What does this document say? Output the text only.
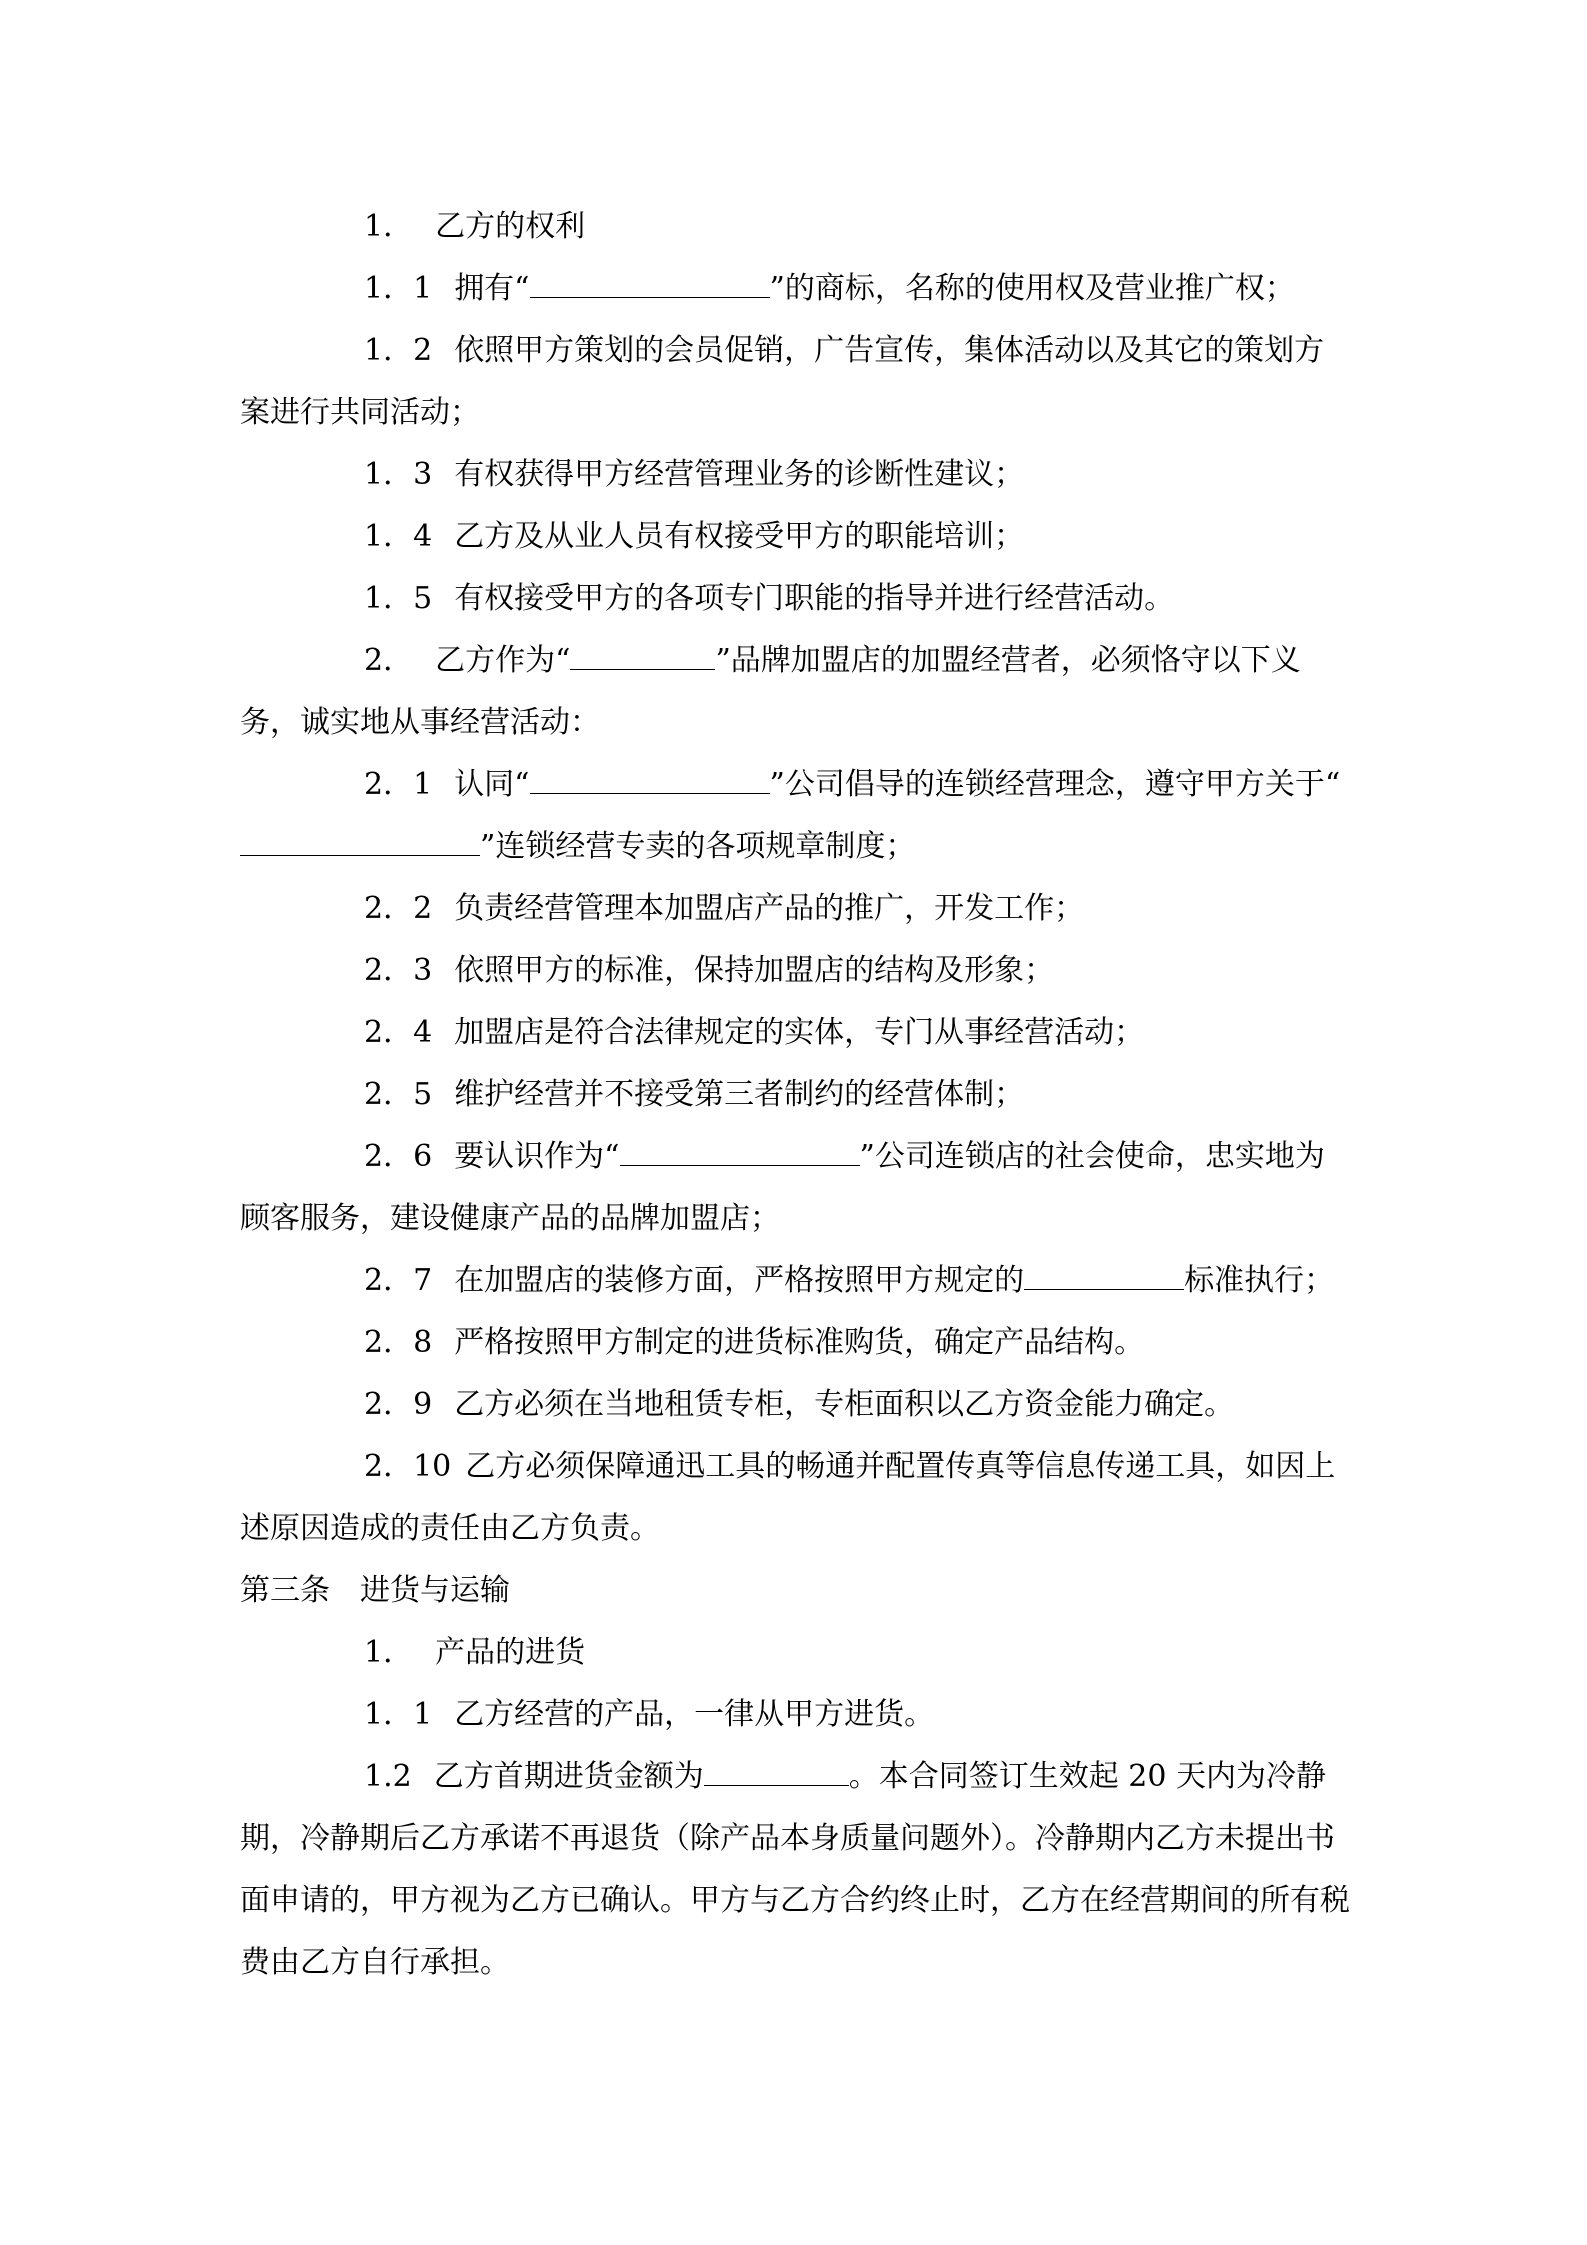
1． 乙方的权利

1．1 拥有“	”的商标，名称的使用权及营业推广权；

1．2 依照甲方策划的会员促销，广告宣传，集体活动以及其它的策划方案进行共同活动；

1．3 有权获得甲方经营管理业务的诊断性建议；

1．4 乙方及从业人员有权接受甲方的职能培训；

1．5 有权接受甲方的各项专门职能的指导并进行经营活动。

2． 乙方作为“	”品牌加盟店的加盟经营者，必须恪守以下义务，诚实地从事经营活动：

2．1 认同“	”公司倡导的连锁经营理念，遵守甲方关于“”连锁经营专卖的各项规章制度；

2．2 负责经营管理本加盟店产品的推广，开发工作；

2．3 依照甲方的标准，保持加盟店的结构及形象；

2．4 加盟店是符合法律规定的实体，专门从事经营活动；

2．5 维护经营并不接受第三者制约的经营体制；

2．6 要认识作为“	”公司连锁店的社会使命，忠实地为顾客服务，建设健康产品的品牌加盟店；

2．7 在加盟店的装修方面，严格按照甲方规定的	标准执行；

2．8 严格按照甲方制定的进货标准购货，确定产品结构。

2．9 乙方必须在当地租赁专柜，专柜面积以乙方资金能力确定。

2．10 乙方必须保障通迅工具的畅通并配置传真等信息传递工具，如因上述原因造成的责任由乙方负责。

第三条 进货与运输

1． 产品的进货

1．1 乙方经营的产品，一律从甲方进货。

1.2 乙方首期进货金额为	。本合同签订生效起 20 天内为冷静期，冷静期后乙方承诺不再退货（除产品本身质量问题外）。冷静期内乙方未提出书面申请的，甲方视为乙方已确认。甲方与乙方合约终止时，乙方在经营期间的所有税费由乙方自行承担。
